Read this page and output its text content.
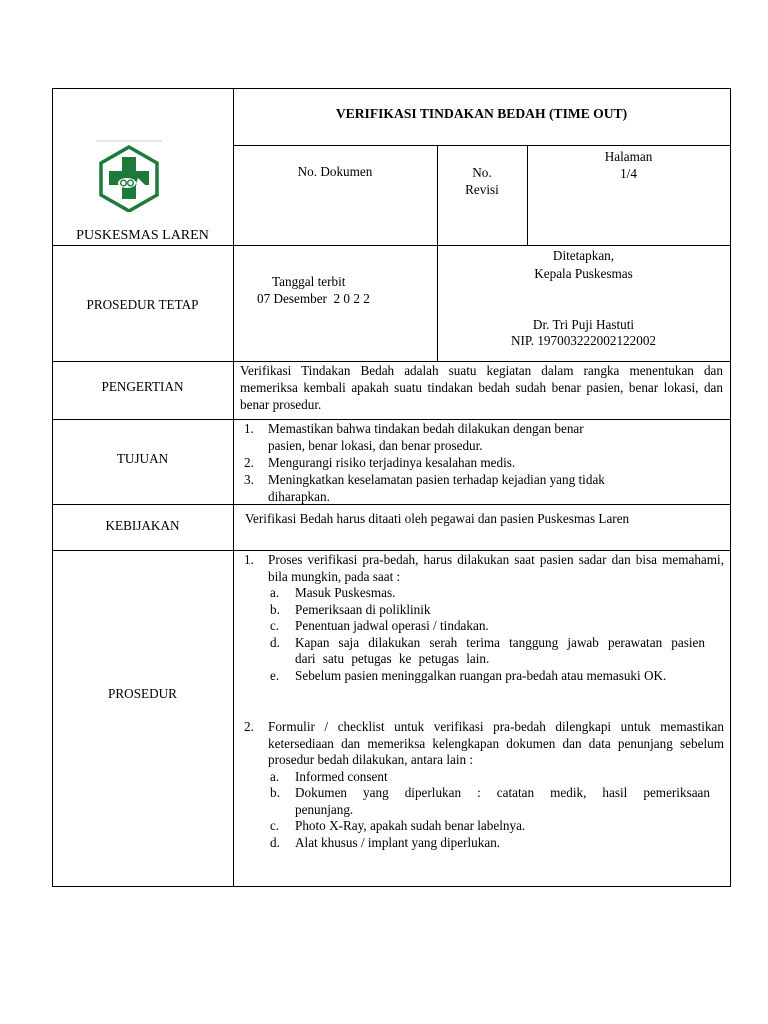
PUSKESMAS LAREN
VERIFIKASI TINDAKAN BEDAH (TIME OUT)
No. Dokumen	No.
Revisi
Halaman
1/4
PROSEDUR TETAP
Tanggal terbit
07 Desember  2 0 2 2
Ditetapkan,
Kepala Puskesmas
Dr. Tri Puji Hastuti
NIP. 197003222002122002
PENGERTIAN
Verifikasi Tindakan Bedah adalah suatu kegiatan dalam rangka menentukan dan memeriksa kembali apakah suatu tindakan bedah sudah benar pasien, benar lokasi, dan benar prosedur.
TUJUAN
1. Memastikan bahwa tindakan bedah dilakukan dengan benar
pasien, benar lokasi, dan benar prosedur.
2. Mengurangi risiko terjadinya kesalahan medis.
3. Meningkatkan keselamatan pasien terhadap kejadian yang tidak
diharapkan.
KEBIJAKAN	Verifikasi Bedah harus ditaati oleh pegawai dan pasien Puskesmas Laren
PROSEDUR
1. Proses verifikasi pra-bedah, harus dilakukan saat pasien sadar dan bisa memahami, bila mungkin, pada saat :
a. Masuk Puskesmas.
b. Pemeriksaan di poliklinik
c. Penentuan jadwal operasi / tindakan.
d. Kapan saja dilakukan serah terima tanggung jawab perawatan pasien dari satu petugas ke petugas lain.
e. Sebelum pasien meninggalkan ruangan pra-bedah atau memasuki OK.
2. Formulir / checklist untuk verifikasi pra-bedah dilengkapi untuk memastikan ketersediaan dan memeriksa kelengkapan dokumen dan data penunjang sebelum prosedur bedah dilakukan, antara lain :
a. Informed consent
b. Dokumen yang diperlukan : catatan medik, hasil pemeriksaan penunjang.
c. Photo X-Ray, apakah sudah benar labelnya.
d. Alat khusus / implant yang diperlukan.
